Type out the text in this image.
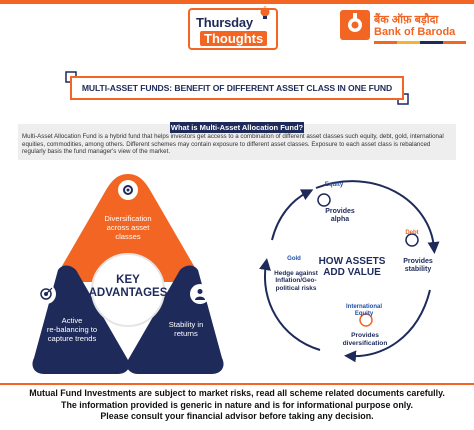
Thursday
Thoughts
बैंक ऑफ़ बड़ौदा
Bank of Baroda
MULTI-ASSET FUNDS: BENEFIT OF DIFFERENT ASSET CLASS IN ONE FUND
What is Multi-Asset Allocation Fund?

Multi-Asset Allocation Fund is a hybrid fund that helps investors get access to a combination of different asset classes such equity, debt, gold, international equities, commodities, among others. Different schemes may contain exposure to different asset classes. Exposure to each asset class is rebalanced regularly basis the fund manager's view of the market.

Diversification
across asset
classes
KEY
ADVANTAGES
Active
re-balancing to
capture trends
Stability in
returns
Equity
Provides
alpha
Debt
Provides
stability
Gold
Hedge against
Inflation/Geo-
political risks
HOW ASSETS
ADD VALUE
International
Equity
Provides
diversification

Mutual Fund Investments are subject to market risks, read all scheme related documents carefully.

The information provided is generic in nature and is for informational purpose only.

Please consult your financial advisor before taking any decision.
